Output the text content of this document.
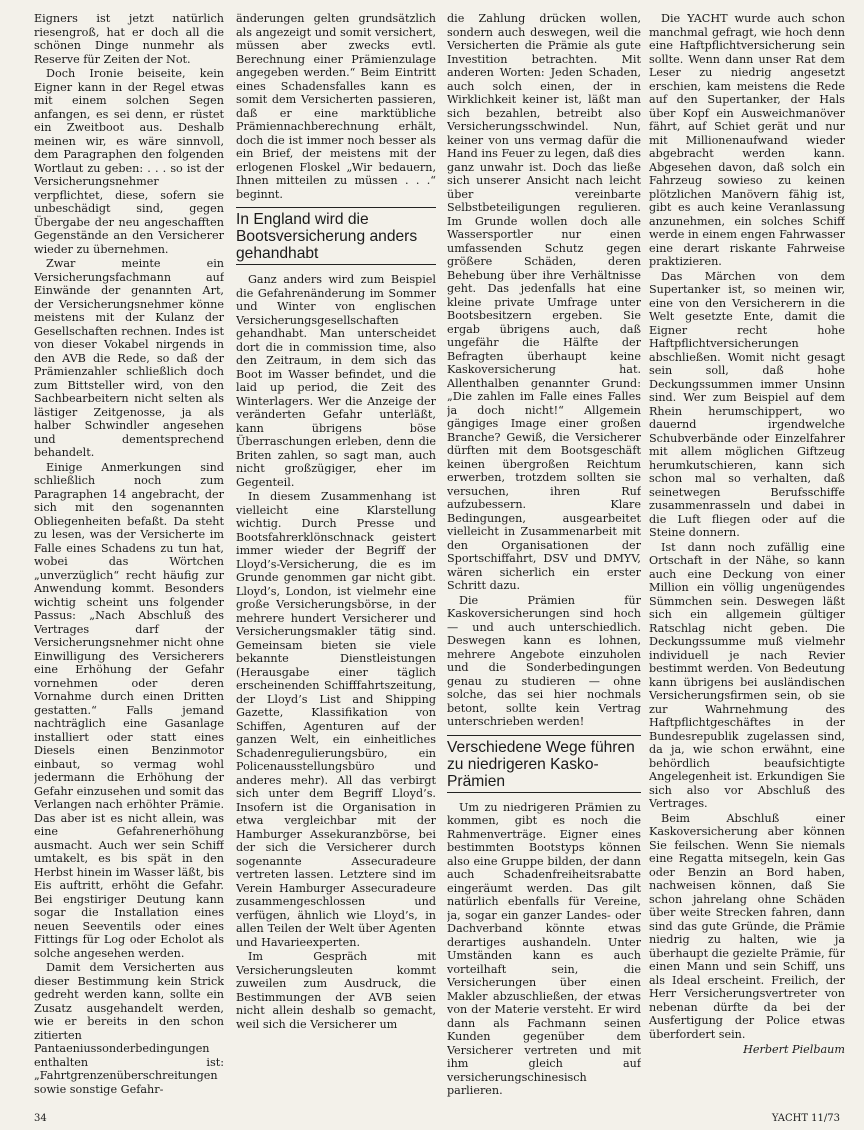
Eigners ist jetzt natürlich riesengroß, hat er doch all die schönen Dinge nunmehr als Reserve für Zeiten der Not.

Doch Ironie beiseite, kein Eigner kann in der Regel etwas mit einem solchen Segen anfangen, es sei denn, er rüstet ein Zweitboot aus. Deshalb meinen wir, es wäre sinnvoll, dem Paragraphen den folgenden Wortlaut zu geben: . . . so ist der Versicherungsnehmer verpflichtet, diese, sofern sie unbeschädigt sind, gegen Übergabe der neu angeschafften Gegenstände an den Versicherer wieder zu übernehmen.

Zwar meinte ein Versicherungsfachmann auf Einwände der genannten Art, der Versicherungsnehmer könne meistens mit der Kulanz der Gesellschaften rechnen. Indes ist von dieser Vokabel nirgends in den AVB die Rede, so daß der Prämienzahler schließlich doch zum Bittsteller wird, von den Sachbearbeitern nicht selten als lästiger Zeitgenosse, ja als halber Schwindler angesehen und dementsprechend behandelt.

Einige Anmerkungen sind schließlich noch zum Paragraphen 14 angebracht, der sich mit den sogenannten Obliegenheiten befaßt. Da steht zu lesen, was der Versicherte im Falle eines Schadens zu tun hat, wobei das Wörtchen „unverzüglich“ recht häufig zur Anwendung kommt. Besonders wichtig scheint uns folgender Passus: „Nach Abschluß des Vertrages darf der Versicherungsnehmer nicht ohne Einwilligung des Versicherers eine Erhöhung der Gefahr vornehmen oder deren Vornahme durch einen Dritten gestatten.“ Falls jemand nachträglich eine Gasanlage installiert oder statt eines Diesels einen Benzinmotor einbaut, so vermag wohl jedermann die Erhöhung der Gefahr einzusehen und somit das Verlangen nach erhöhter Prämie. Das aber ist es nicht allein, was eine Gefahrenerhöhung ausmacht. Auch wer sein Schiff umtakelt, es bis spät in den Herbst hinein im Wasser läßt, bis Eis auftritt, erhöht die Gefahr. Bei engstiriger Deutung kann sogar die Installation eines neuen Seeventils oder eines Fittings für Log oder Echolot als solche angesehen werden.

Damit dem Versicherten aus dieser Bestimmung kein Strick gedreht werden kann, sollte ein Zusatz ausgehandelt werden, wie er bereits in den schon zitierten Pantaeniussonderbedingungen enthalten ist: „Fahrtgrenzenüberschreitungen sowie sonstige Gefahr-

änderungen gelten grundsätzlich als angezeigt und somit versichert, müssen aber zwecks evtl. Berechnung einer Prämienzulage angegeben werden.“ Beim Eintritt eines Schadensfalles kann es somit dem Versicherten passieren, daß er eine marktübliche Prämiennachberechnung erhält, doch die ist immer noch besser als ein Brief, der meistens mit der erlogenen Floskel „Wir bedauern, Ihnen mitteilen zu müssen . . .“ beginnt.

In England wird die Bootsversicherung anders gehandhabt

Ganz anders wird zum Beispiel die Gefahrenänderung im Sommer und Winter von englischen Versicherungsgesellschaften gehandhabt. Man unterscheidet dort die in commission time, also den Zeitraum, in dem sich das Boot im Wasser befindet, und die laid up period, die Zeit des Winterlagers. Wer die Anzeige der veränderten Gefahr unterläßt, kann übrigens böse Überraschungen erleben, denn die Briten zahlen, so sagt man, auch nicht großzügiger, eher im Gegenteil.

In diesem Zusammenhang ist vielleicht eine Klarstellung wichtig. Durch Presse und Bootsfahrerklönschnack geistert immer wieder der Begriff der Lloyd’s-Versicherung, die es im Grunde genommen gar nicht gibt. Lloyd’s, London, ist vielmehr eine große Versicherungsbörse, in der mehrere hundert Versicherer und Versicherungsmakler tätig sind. Gemeinsam bieten sie viele bekannte Dienstleistungen (Herausgabe einer täglich erscheinenden Schifffahrtszeitung, der Lloyd’s List and Shipping Gazette, Klassifikation von Schiffen, Agenturen auf der ganzen Welt, ein einheitliches Schadenregulierungsbüro, ein Policenausstellungsbüro und anderes mehr). All das verbirgt sich unter dem Begriff Lloyd’s. Insofern ist die Organisation in etwa vergleichbar mit der Hamburger Assekuranzbörse, bei der sich die Versicherer durch sogenannte Assecuradeure vertreten lassen. Letztere sind im Verein Hamburger Assecuradeure zusammengeschlossen und verfügen, ähnlich wie Lloyd’s, in allen Teilen der Welt über Agenten und Havarieexperten.

Im Gespräch mit Versicherungsleuten kommt zuweilen zum Ausdruck, die Bestimmungen der AVB seien nicht allein deshalb so gemacht, weil sich die Versicherer um

die Zahlung drücken wollen, sondern auch deswegen, weil die Versicherten die Prämie als gute Investition betrachten. Mit anderen Worten: Jeden Schaden, auch solch einen, der in Wirklichkeit keiner ist, läßt man sich bezahlen, betreibt also Versicherungsschwindel. Nun, keiner von uns vermag dafür die Hand ins Feuer zu legen, daß dies ganz unwahr ist. Doch das ließe sich unserer Ansicht nach leicht über vereinbarte Selbstbeteiligungen regulieren. Im Grunde wollen doch alle Wassersportler nur einen umfassenden Schutz gegen größere Schäden, deren Behebung über ihre Verhältnisse geht. Das jedenfalls hat eine kleine private Umfrage unter Bootsbesitzern ergeben. Sie ergab übrigens auch, daß ungefähr die Hälfte der Befragten überhaupt keine Kaskoversicherung hat. Allenthalben genannter Grund: „Die zahlen im Falle eines Falles ja doch nicht!“ Allgemein gängiges Image einer großen Branche? Gewiß, die Versicherer dürften mit dem Bootsgeschäft keinen übergroßen Reichtum erwerben, trotzdem sollten sie versuchen, ihren Ruf aufzubessern. Klare Bedingungen, ausgearbeitet vielleicht in Zusammenarbeit mit den Organisationen der Sportschiffahrt, DSV und DMYV, wären sicherlich ein erster Schritt dazu.

Die Prämien für Kaskoversicherungen sind hoch — und auch unterschiedlich. Deswegen kann es lohnen, mehrere Angebote einzuholen und die Sonderbedingungen genau zu studieren — ohne solche, das sei hier nochmals betont, sollte kein Vertrag unterschrieben werden!

Verschiedene Wege führen zu niedrigeren Kasko-Prämien

Um zu niedrigeren Prämien zu kommen, gibt es noch die Rahmenverträge. Eigner eines bestimmten Bootstyps können also eine Gruppe bilden, der dann auch Schadenfreiheitsrabatte eingeräumt werden. Das gilt natürlich ebenfalls für Vereine, ja, sogar ein ganzer Landes- oder Dachverband könnte etwas derartiges aushandeln. Unter Umständen kann es auch vorteilhaft sein, die Versicherungen über einen Makler abzuschließen, der etwas von der Materie versteht. Er wird dann als Fachmann seinen Kunden gegenüber dem Versicherer vertreten und mit ihm gleich auf versicherungschinesisch parlieren.

Die YACHT wurde auch schon manchmal gefragt, wie hoch denn eine Haftpflichtversicherung sein sollte. Wenn dann unser Rat dem Leser zu niedrig angesetzt erschien, kam meistens die Rede auf den Supertanker, der Hals über Kopf ein Ausweichmanöver fährt, auf Schiet gerät und nur mit Millionenaufwand wieder abgebracht werden kann. Abgesehen davon, daß solch ein Fahrzeug sowieso zu keinen plötzlichen Manövern fähig ist, gibt es auch keine Veranlassung anzunehmen, ein solches Schiff werde in einem engen Fahrwasser eine derart riskante Fahrweise praktizieren.

Das Märchen von dem Supertanker ist, so meinen wir, eine von den Versicherern in die Welt gesetzte Ente, damit die Eigner recht hohe Haftpflichtversicherungen abschließen. Womit nicht gesagt sein soll, daß hohe Deckungssummen immer Unsinn sind. Wer zum Beispiel auf dem Rhein herumschippert, wo dauernd irgendwelche Schubverbände oder Einzelfahrer mit allem möglichen Giftzeug herumkutschieren, kann sich schon mal so verhalten, daß seinetwegen Berufsschiffe zusammenrasseln und dabei in die Luft fliegen oder auf die Steine donnern.

Ist dann noch zufällig eine Ortschaft in der Nähe, so kann auch eine Deckung von einer Million ein völlig ungenügendes Sümmchen sein. Deswegen läßt sich ein allgemein gültiger Ratschlag nicht geben. Die Deckungssumme muß vielmehr individuell je nach Revier bestimmt werden. Von Bedeutung kann übrigens bei ausländischen Versicherungsfirmen sein, ob sie zur Wahrnehmung des Haftpflichtgeschäftes in der Bundesrepublik zugelassen sind, da ja, wie schon erwähnt, eine behördlich beaufsichtigte Angelegenheit ist. Erkundigen Sie sich also vor Abschluß des Vertrages.

Beim Abschluß einer Kaskoversicherung aber können Sie feilschen. Wenn Sie niemals eine Regatta mitsegeln, kein Gas oder Benzin an Bord haben, nachweisen können, daß Sie schon jahrelang ohne Schäden über weite Strecken fahren, dann sind das gute Gründe, die Prämie niedrig zu halten, wie ja überhaupt die gezielte Prämie, für einen Mann und sein Schiff, uns als Ideal erscheint. Freilich, der Herr Versicherungsvertreter von nebenan dürfte da bei der Ausfertigung der Police etwas überfordert sein.

Herbert Pielbaum
34	YACHT 11/73
